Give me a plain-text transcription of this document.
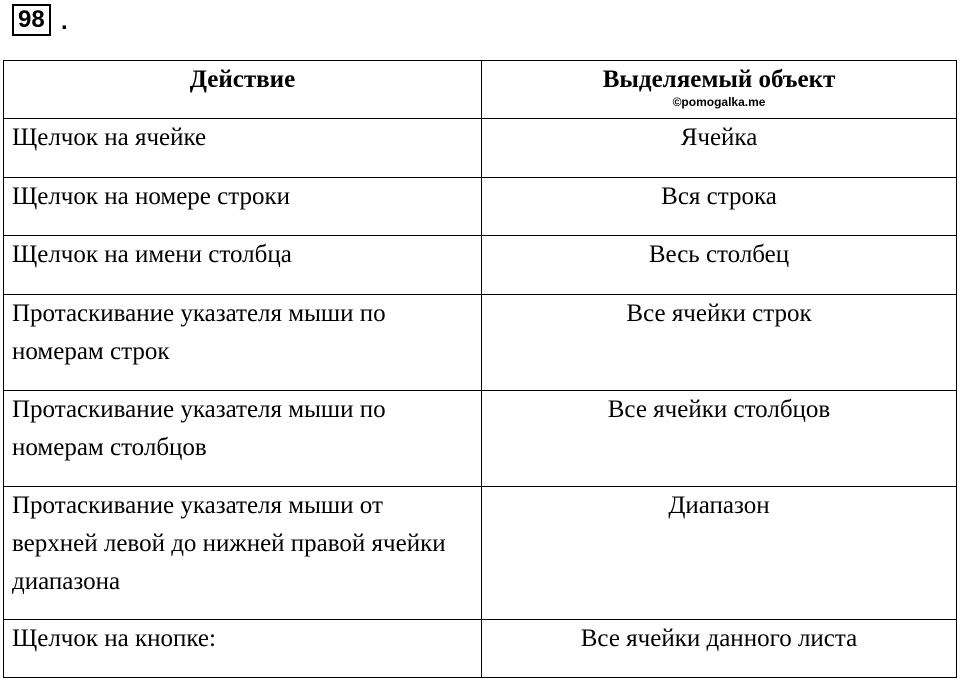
98 .
Действие	Выделяемый объект
©pomogalka.me

Щелчок на ячейке	Ячейка

Щелчок на номере строки	Вся строка

Щелчок на имени столбца	Весь столбец

Протаскивание указателя мыши по номерам строк	Все ячейки строк

Протаскивание указателя мыши по номерам столбцов	Все ячейки столбцов

Протаскивание указателя мыши от верхней левой до нижней правой ячейки диапазона	Диапазон

Щелчок на кнопке:	Все ячейки данного листа
